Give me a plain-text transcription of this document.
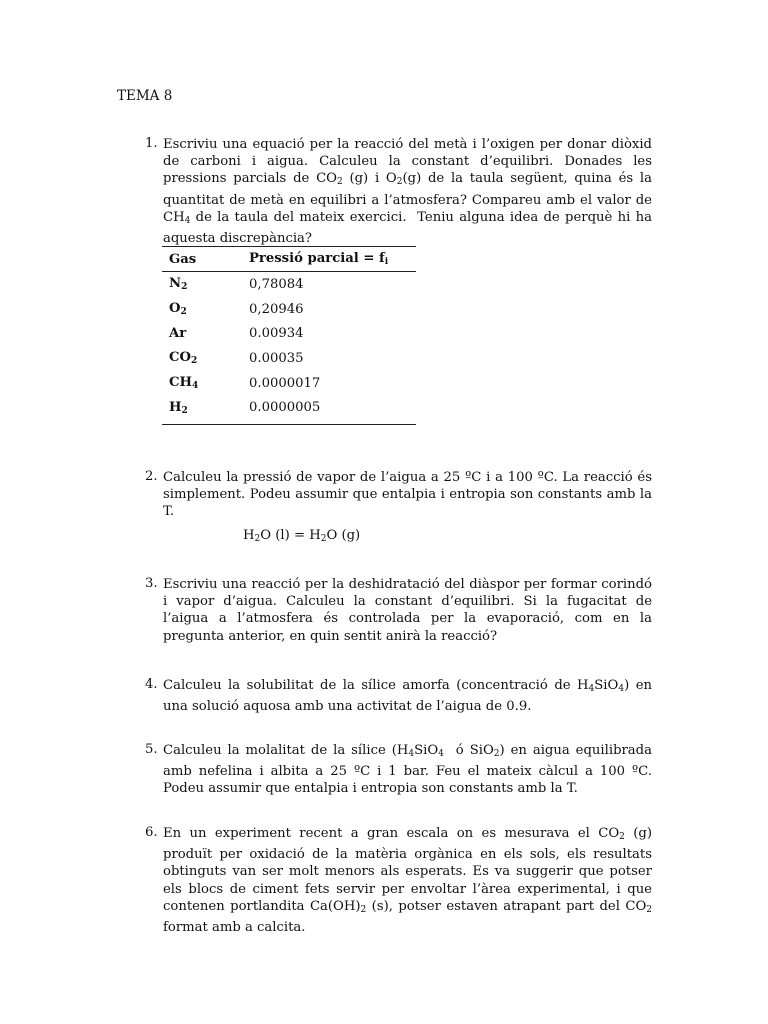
TEMA 8
1. Escriviu una equació per la reacció del metà i l’oxigen per donar diòxid de carboni i aigua. Calculeu la constant d’equilibri. Donades les pressions parcials de $CO_2$ (g) i $O_2(g)$ de la taula següent, quina és la quantitat de metà en equilibri a l’atmosfera? Compareu amb el valor de $CH_4$ de la taula del mateix exercici.  Teniu alguna idea de perquè hi ha aquesta discrepància?
Gas	Pressió parcial = $f_i$
$N_2$	0,78084
$O_2$	0,20946
Ar	0.00934
$CO_2$	0.00035
$CH_4$	0.0000017
$H_2$	0.0000005
2. Calculeu la pressió de vapor de l’aigua a 25 ºC i a 100 ºC. La reacció és simplement. Podeu assumir que entalpia i entropia son constants amb la T.
$H_2O$ $(l) = H_2O$ (g)
3. Escriviu una reacció per la deshidratació del diàspor per formar corindó i vapor d’aigua. Calculeu la constant d’equilibri. Si la fugacitat de l’aigua a l’atmosfera és controlada per la evaporació, com en la pregunta anterior, en quin sentit anirà la reacció?
4. Calculeu la solubilitat de la sílice amorfa (concentració de $H_4SiO_4$) en una solució aquosa amb una activitat de l’aigua de 0.9.
5. Calculeu la molalitat de la sílice ($H_4SiO_4$  ó SiO$_2$) en aigua equilibrada amb nefelina i albita a 25 ºC i 1 bar. Feu el mateix càlcul a 100 ºC. Podeu assumir que entalpia i entropia son constants amb la T.
6. En un experiment recent a gran escala on es mesurava el $CO_2$ (g) produït per oxidació de la matèria orgànica en els sols, els resultats obtinguts van ser molt menors als esperats. Es va suggerir que potser els blocs de ciment fets servir per envoltar l’àrea experimental, i que contenen portlandita $Ca(OH)_2$ (s), potser estaven atrapant part del $CO_2$ format amb a calcita.
